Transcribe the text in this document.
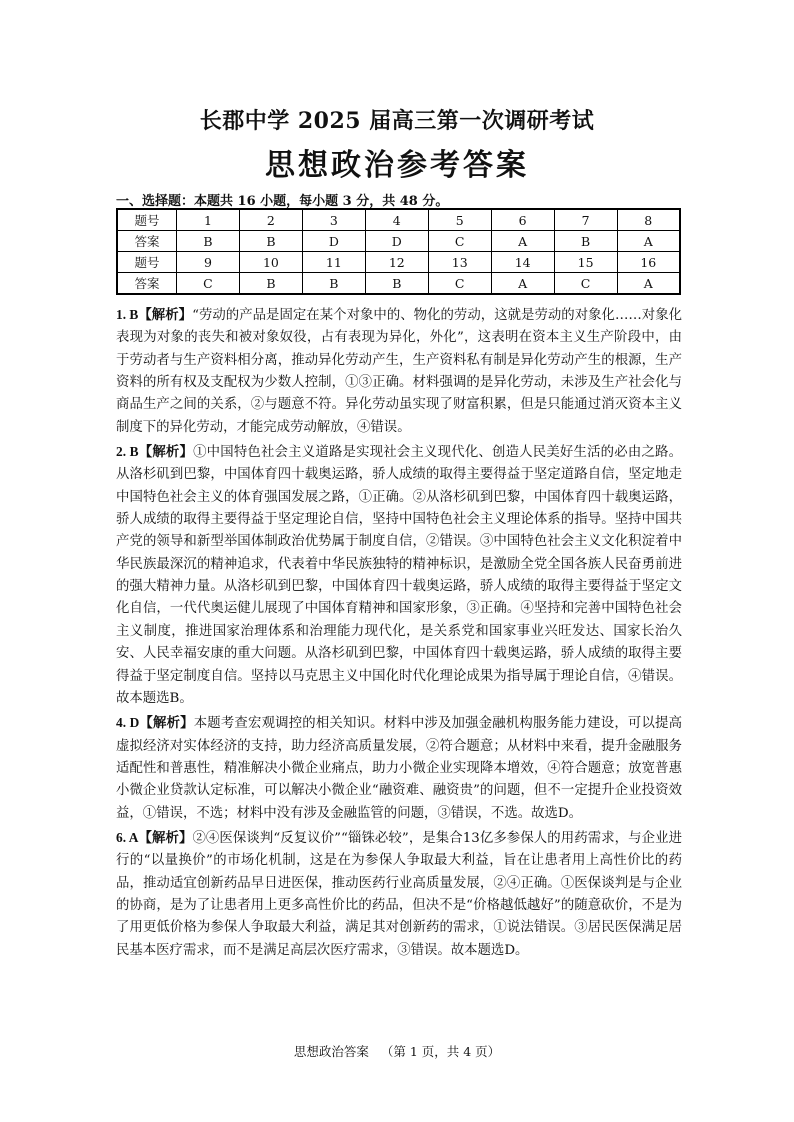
长郡中学 2025 届高三第一次调研考试
思想政治参考答案
一、选择题：本题共 16 小题，每小题 3 分，共 48 分。
题号	1	2	3	4	5	6	7	8
答案	B	B	D	D	C	A	B	A
题号	9	10	11	12	13	14	15	16
答案	C	B	B	B	C	A	C	A

1. B【解析】“劳动的产品是固定在某个对象中的、物化的劳动，这就是劳动的对象化……对象化表现为对象的丧失和被对象奴役，占有表现为异化，外化”，这表明在资本主义生产阶段中，由于劳动者与生产资料相分离，推动异化劳动产生，生产资料私有制是异化劳动产生的根源，生产资料的所有权及支配权为少数人控制，①③正确。材料强调的是异化劳动，未涉及生产社会化与商品生产之间的关系，②与题意不符。异化劳动虽实现了财富积累，但是只能通过消灭资本主义制度下的异化劳动，才能完成劳动解放，④错误。

2. B【解析】①中国特色社会主义道路是实现社会主义现代化、创造人民美好生活的必由之路。从洛杉矶到巴黎，中国体育四十载奥运路，骄人成绩的取得主要得益于坚定道路自信，坚定地走中国特色社会主义的体育强国发展之路，①正确。②从洛杉矶到巴黎，中国体育四十载奥运路，骄人成绩的取得主要得益于坚定理论自信，坚持中国特色社会主义理论体系的指导。坚持中国共产党的领导和新型举国体制政治优势属于制度自信，②错误。③中国特色社会主义文化积淀着中华民族最深沉的精神追求，代表着中华民族独特的精神标识，是激励全党全国各族人民奋勇前进的强大精神力量。从洛杉矶到巴黎，中国体育四十载奥运路，骄人成绩的取得主要得益于坚定文化自信，一代代奥运健儿展现了中国体育精神和国家形象，③正确。④坚持和完善中国特色社会主义制度，推进国家治理体系和治理能力现代化，是关系党和国家事业兴旺发达、国家长治久安、人民幸福安康的重大问题。从洛杉矶到巴黎，中国体育四十载奥运路，骄人成绩的取得主要得益于坚定制度自信。坚持以马克思主义中国化时代化理论成果为指导属于理论自信，④错误。故本题选B。

4. D【解析】本题考查宏观调控的相关知识。材料中涉及加强金融机构服务能力建设，可以提高虚拟经济对实体经济的支持，助力经济高质量发展，②符合题意；从材料中来看，提升金融服务适配性和普惠性，精准解决小微企业痛点，助力小微企业实现降本增效，④符合题意；放宽普惠小微企业贷款认定标准，可以解决小微企业“融资难、融资贵”的问题，但不一定提升企业投资效益，①错误，不选；材料中没有涉及金融监管的问题，③错误，不选。故选D。

6. A【解析】②④医保谈判“反复议价”“锱铢必较”，是集合13亿多参保人的用药需求，与企业进行的“以量换价”的市场化机制，这是在为参保人争取最大利益，旨在让患者用上高性价比的药品，推动适宜创新药品早日进医保，推动医药行业高质量发展，②④正确。①医保谈判是与企业的协商，是为了让患者用上更多高性价比的药品，但决不是“价格越低越好”的随意砍价，不是为了用更低价格为参保人争取最大利益，满足其对创新药的需求，①说法错误。③居民医保满足居民基本医疗需求，而不是满足高层次医疗需求，③错误。故本题选D。

思想政治答案 （第 1 页，共 4 页）
